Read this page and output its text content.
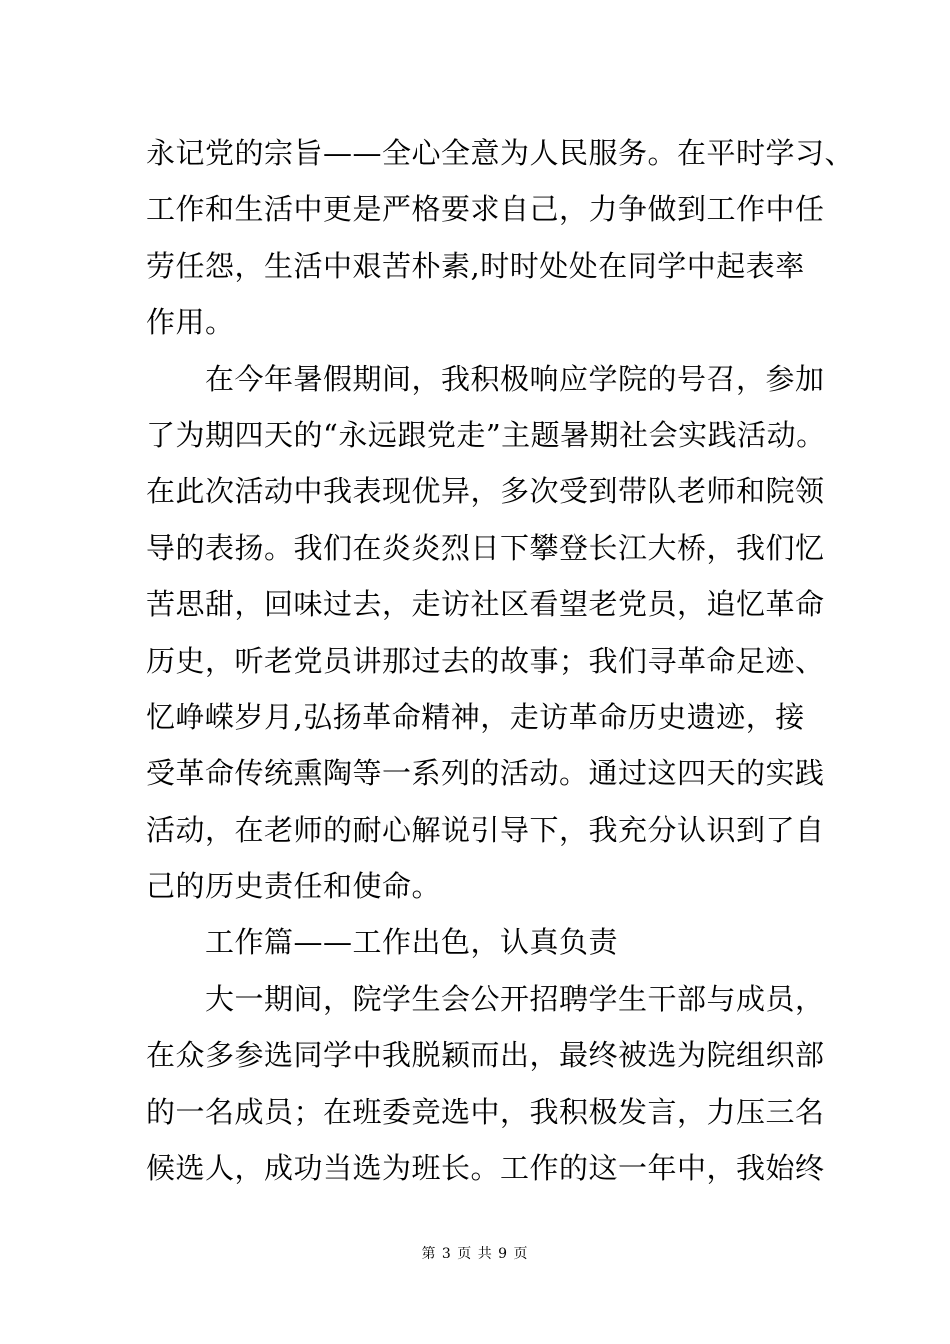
永记党的宗旨——全心全意为人民服务。在平时学习、
工作和生活中更是严格要求自己，力争做到工作中任
劳任怨，生活中艰苦朴素,时时处处在同学中起表率
作用。
　　在今年暑假期间，我积极响应学院的号召，参加
了为期四天的“永远跟党走”主题暑期社会实践活动。
在此次活动中我表现优异，多次受到带队老师和院领
导的表扬。我们在炎炎烈日下攀登长江大桥，我们忆
苦思甜，回味过去，走访社区看望老党员，追忆革命
历史，听老党员讲那过去的故事；我们寻革命足迹、
忆峥嵘岁月,弘扬革命精神，走访革命历史遗迹，接
受革命传统熏陶等一系列的活动。通过这四天的实践
活动，在老师的耐心解说引导下，我充分认识到了自
己的历史责任和使命。
　　工作篇——工作出色，认真负责
　　大一期间，院学生会公开招聘学生干部与成员，
在众多参选同学中我脱颖而出，最终被选为院组织部
的一名成员；在班委竞选中，我积极发言，力压三名
候选人，成功当选为班长。工作的这一年中，我始终
第 3 页 共 9 页
